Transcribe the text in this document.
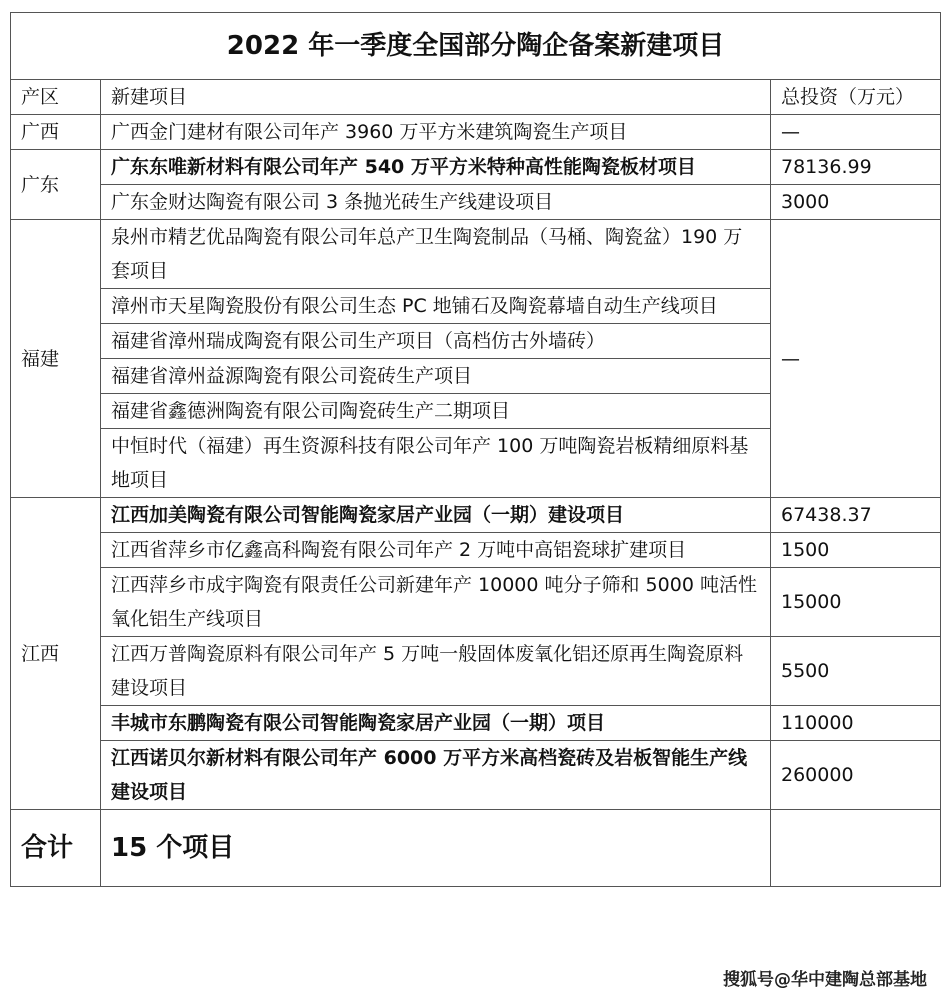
2022 年一季度全国部分陶企备案新建项目		
产区	新建项目	总投资（万元）
广西	广西金门建材有限公司年产 3960 万平方米建筑陶瓷生产项目	—
广东	广东东唯新材料有限公司年产 540 万平方米特种高性能陶瓷板材项目	78136.99
	广东金财达陶瓷有限公司 3 条抛光砖生产线建设项目	3000
福建	泉州市精艺优品陶瓷有限公司年总产卫生陶瓷制品（马桶、陶瓷盆）190 万套项目	—
	漳州市天星陶瓷股份有限公司生态 PC 地铺石及陶瓷幕墙自动生产线项目	
	福建省漳州瑞成陶瓷有限公司生产项目（高档仿古外墙砖）	
	福建省漳州益源陶瓷有限公司瓷砖生产项目	
	福建省鑫德洲陶瓷有限公司陶瓷砖生产二期项目	
	中恒时代（福建）再生资源科技有限公司年产 100 万吨陶瓷岩板精细原料基地项目	
江西	江西加美陶瓷有限公司智能陶瓷家居产业园（一期）建设项目	67438.37
	江西省萍乡市亿鑫高科陶瓷有限公司年产 2 万吨中高铝瓷球扩建项目	1500
	江西萍乡市成宇陶瓷有限责任公司新建年产 10000 吨分子筛和 5000 吨活性氧化铝生产线项目	15000
	江西万普陶瓷原料有限公司年产 5 万吨一般固体废氧化铝还原再生陶瓷原料建设项目	5500
	丰城市东鹏陶瓷有限公司智能陶瓷家居产业园（一期）项目	110000
	江西诺贝尔新材料有限公司年产 6000 万平方米高档瓷砖及岩板智能生产线建设项目	260000
合计	15 个项目	
搜狐号@华中建陶总部基地
